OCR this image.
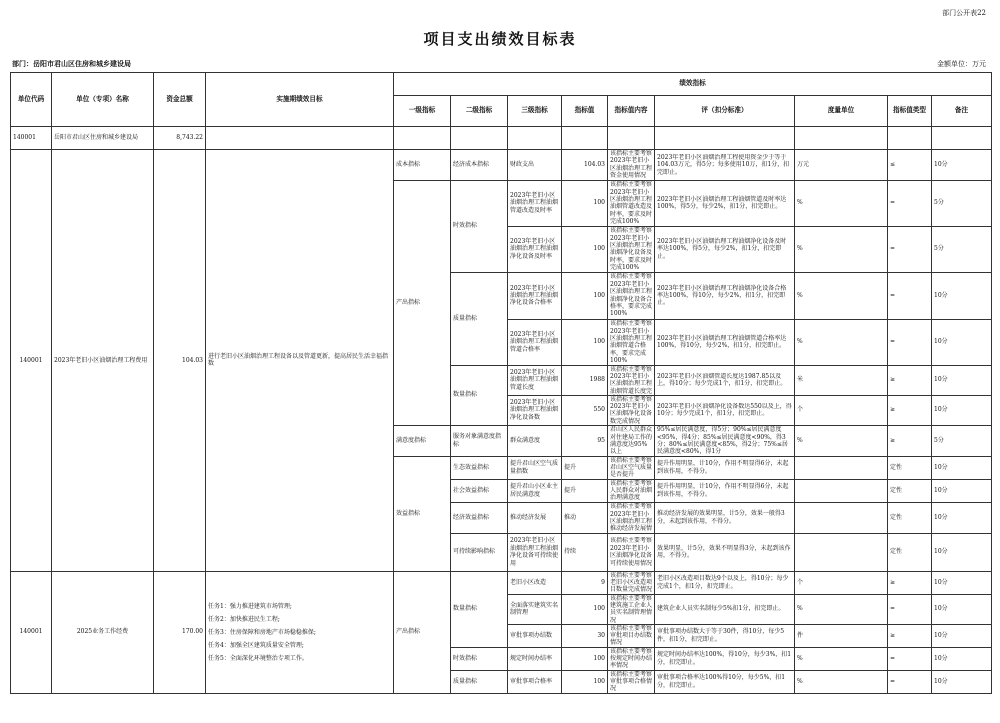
部门公开表22
项目支出绩效目标表
部门：岳阳市君山区住房和城乡建设局	金额单位：万元
单位代码	单位（专项）名称	资金总额	实施期绩效目标	绩效指标								
				一级指标	二级指标	三级指标	指标值	指标值内容	评（扣分标准）	度量单位	指标值类型	备注
140001	岳阳市君山区住房和城乡建设局	8,743.22										
140001	2023年老旧小区油烟治理工程费用	104.03	进行老旧小区油烟治理工程设备以及管道更新，提高居民生活幸福指数	成本指标	经济成本指标	财政支出	104.03	该指标主要考察2023年老旧小区油烟治理工程资金使用情况	2023年老旧小区油烟治理工程使用资金少于等于104.03万元，得5分；每多使用10万，扣1分，扣完即止。	万元	≤	10分
				产出指标	时效指标	2023年老旧小区油烟治理工程油烟管道改造及时率	100	该指标主要考察2023年老旧小区油烟治理工程油烟管道改造及时率，要求及时完成100%	2023年老旧小区油烟治理工程油烟管道及时率达100%，得5分，每少2%，扣1分，扣完即止。	%	=	5分
						2023年老旧小区油烟治理工程油烟净化设备及时率	100	该指标主要考察2023年老旧小区油烟治理工程油烟净化设备及时率，要求及时完成100%	2023年老旧小区油烟治理工程油烟净化设备及时率达100%，得5分，每少2%，扣1分，扣完即止。	%	=	5分
					质量指标	2023年老旧小区油烟治理工程油烟净化设备合格率	100	该指标主要考察2023年老旧小区油烟治理工程油烟净化设备合格率，要求完成100%	2023年老旧小区油烟治理工程油烟净化设备合格率达100%，得10分，每少2%，扣1分，扣完即止。	%	=	10分
						2023年老旧小区油烟治理工程油烟管道合格率	100	该指标主要考察2023年老旧小区油烟治理工程油烟管道合格率，要求完成100%	2023年老旧小区油烟治理工程油烟管道合格率达100%，得10分，每少2%，扣1分，扣完即止。	%	=	10分
					数量指标	2023年老旧小区油烟治理工程油烟管道长度	1988	该指标主要考察2023年老旧小区油烟治理工程油烟管道长度完	2023年老旧小区油烟管道长度达1987.85以及上，得10分；每少完成1个，扣1分，扣完即止。	米	≥	10分
						2023年老旧小区油烟治理工程油烟净化设备数	550	该指标主要考察2023年老旧小区油烟净化设备数完成情况	2023年老旧小区油烟净化设备数达550以及上，得10分；每少完成1个，扣1分，扣完即止。	个	≥	10分
				满意度指标	服务对象满意度指标	群众满意度	95	君山区人民群众对住建局工作的满意度达95%以上	95%≤居民满意度，得5分；90%≤居民满意度<95%，得4分；85%≤居民满意度<90%，得3分；80%≤居民满意度<85%，得2分；75%≤居民满意度<80%，得1分	%	≥	5分
				效益指标	生态效益指标	提升君山区空气质量指数	提升	该指标主要考察君山区空气质量是否提升	提升作用明显，计10分，作用不明显得6分，未起到该作用，不得分。		定性	10分
					社会效益指标	提升君山小区业主居民满意度	提升	该指标主要考察人民群众对油烟治理满意度	提升作用明显，计10分，作用不明显得6分，未起到该作用，不得分。		定性	10分
					经济效益指标	推动经济发展	推动	该指标主要考察2023年老旧小区油烟治理工程推动经济发展情	推动经济发展的效果明显，计5分，效果一般得3分，未起到该作用，不得分。		定性	10分
					可持续影响指标	2023年老旧小区油烟治理工程油烟净化设备可持续使用	持续	该指标主要考察2023年老旧小区油烟净化设备可持续使用情况	效果明显，计5分，效果不明显得3分，未起到该作用，不得分。		定性	10分
140001	2025业务工作经费	170.00	任务1：强力推进建筑市场管理;
任务2：加快推进民生工程;
任务3：住房保障和房地产市场稳稳推保;
任务4：加强全区建筑质量安全管理;
任务5：全面深化环境整治专项工作。	产出指标	数量指标	老旧小区改造	9	该指标主要考察老旧小区改造项目数量完成情况	老旧小区改造项目数达9个以及上，得10分；每少完成1个，扣1分，扣完即止。	个	≥	10分
						全面落实建筑实名制管理	100	该指标主要考察建筑施工企业人员实名制管理情况	建筑企业人员实名制每少5%扣1分，扣完即止。	%	=	10分
						审批事项办结数	30	该指标主要考察审批项目办结数情况	审批事项办结数大于等于30件，得10分，每少5件，扣1分，扣完即止。	件	≥	10分
					时效指标	规定时间办结率	100	该指标主要考察按规定时间办结率情况	规定时间办结率达100%，得10分，每少3%，扣1分，扣完即止。	%	=	10分
					质量指标	审批事项合格率	100	该指标主要考察审批事项合格情况	审批事项合格率达100%得10分，每少5%，扣1分，扣完即止。	%	=	10分
